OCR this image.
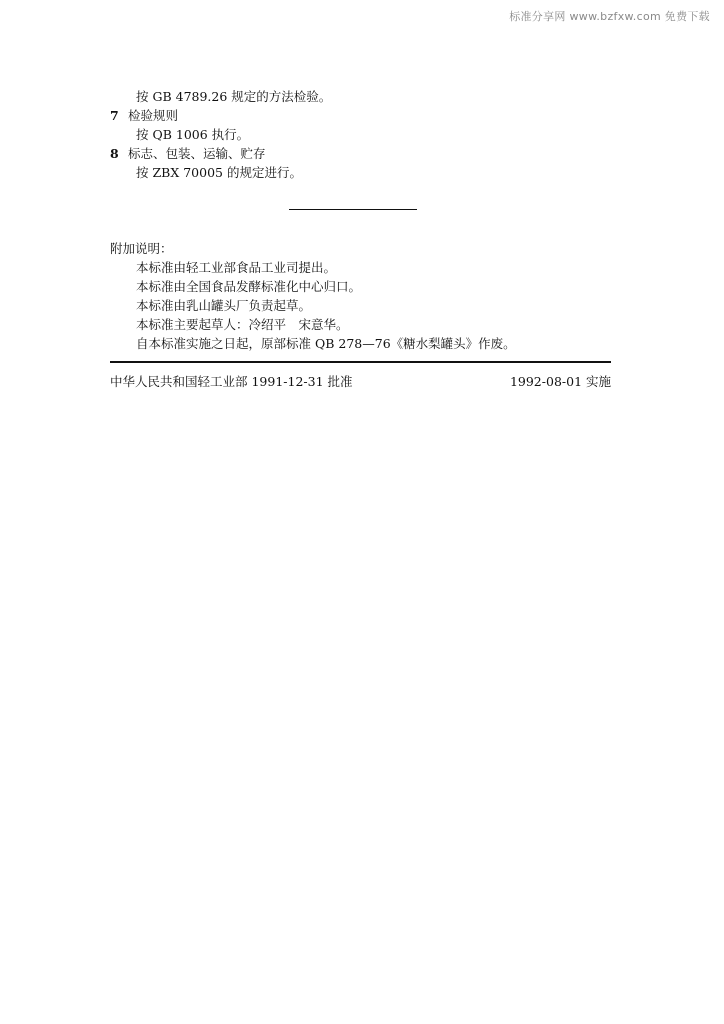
标准分享网 www.bzfxw.com 免费下载
按 GB 4789.26 规定的方法检验。
7 检验规则
按 QB 1006 执行。
8 标志、包装、运输、贮存
按 ZBX 70005 的规定进行。
附加说明：
本标准由轻工业部食品工业司提出。
本标准由全国食品发酵标准化中心归口。
本标准由乳山罐头厂负责起草。
本标准主要起草人：冷绍平　宋意华。
自本标准实施之日起，原部标准 QB 278—76《糖水梨罐头》作废。
中华人民共和国轻工业部 1991-12-31 批准	1992-08-01 实施
